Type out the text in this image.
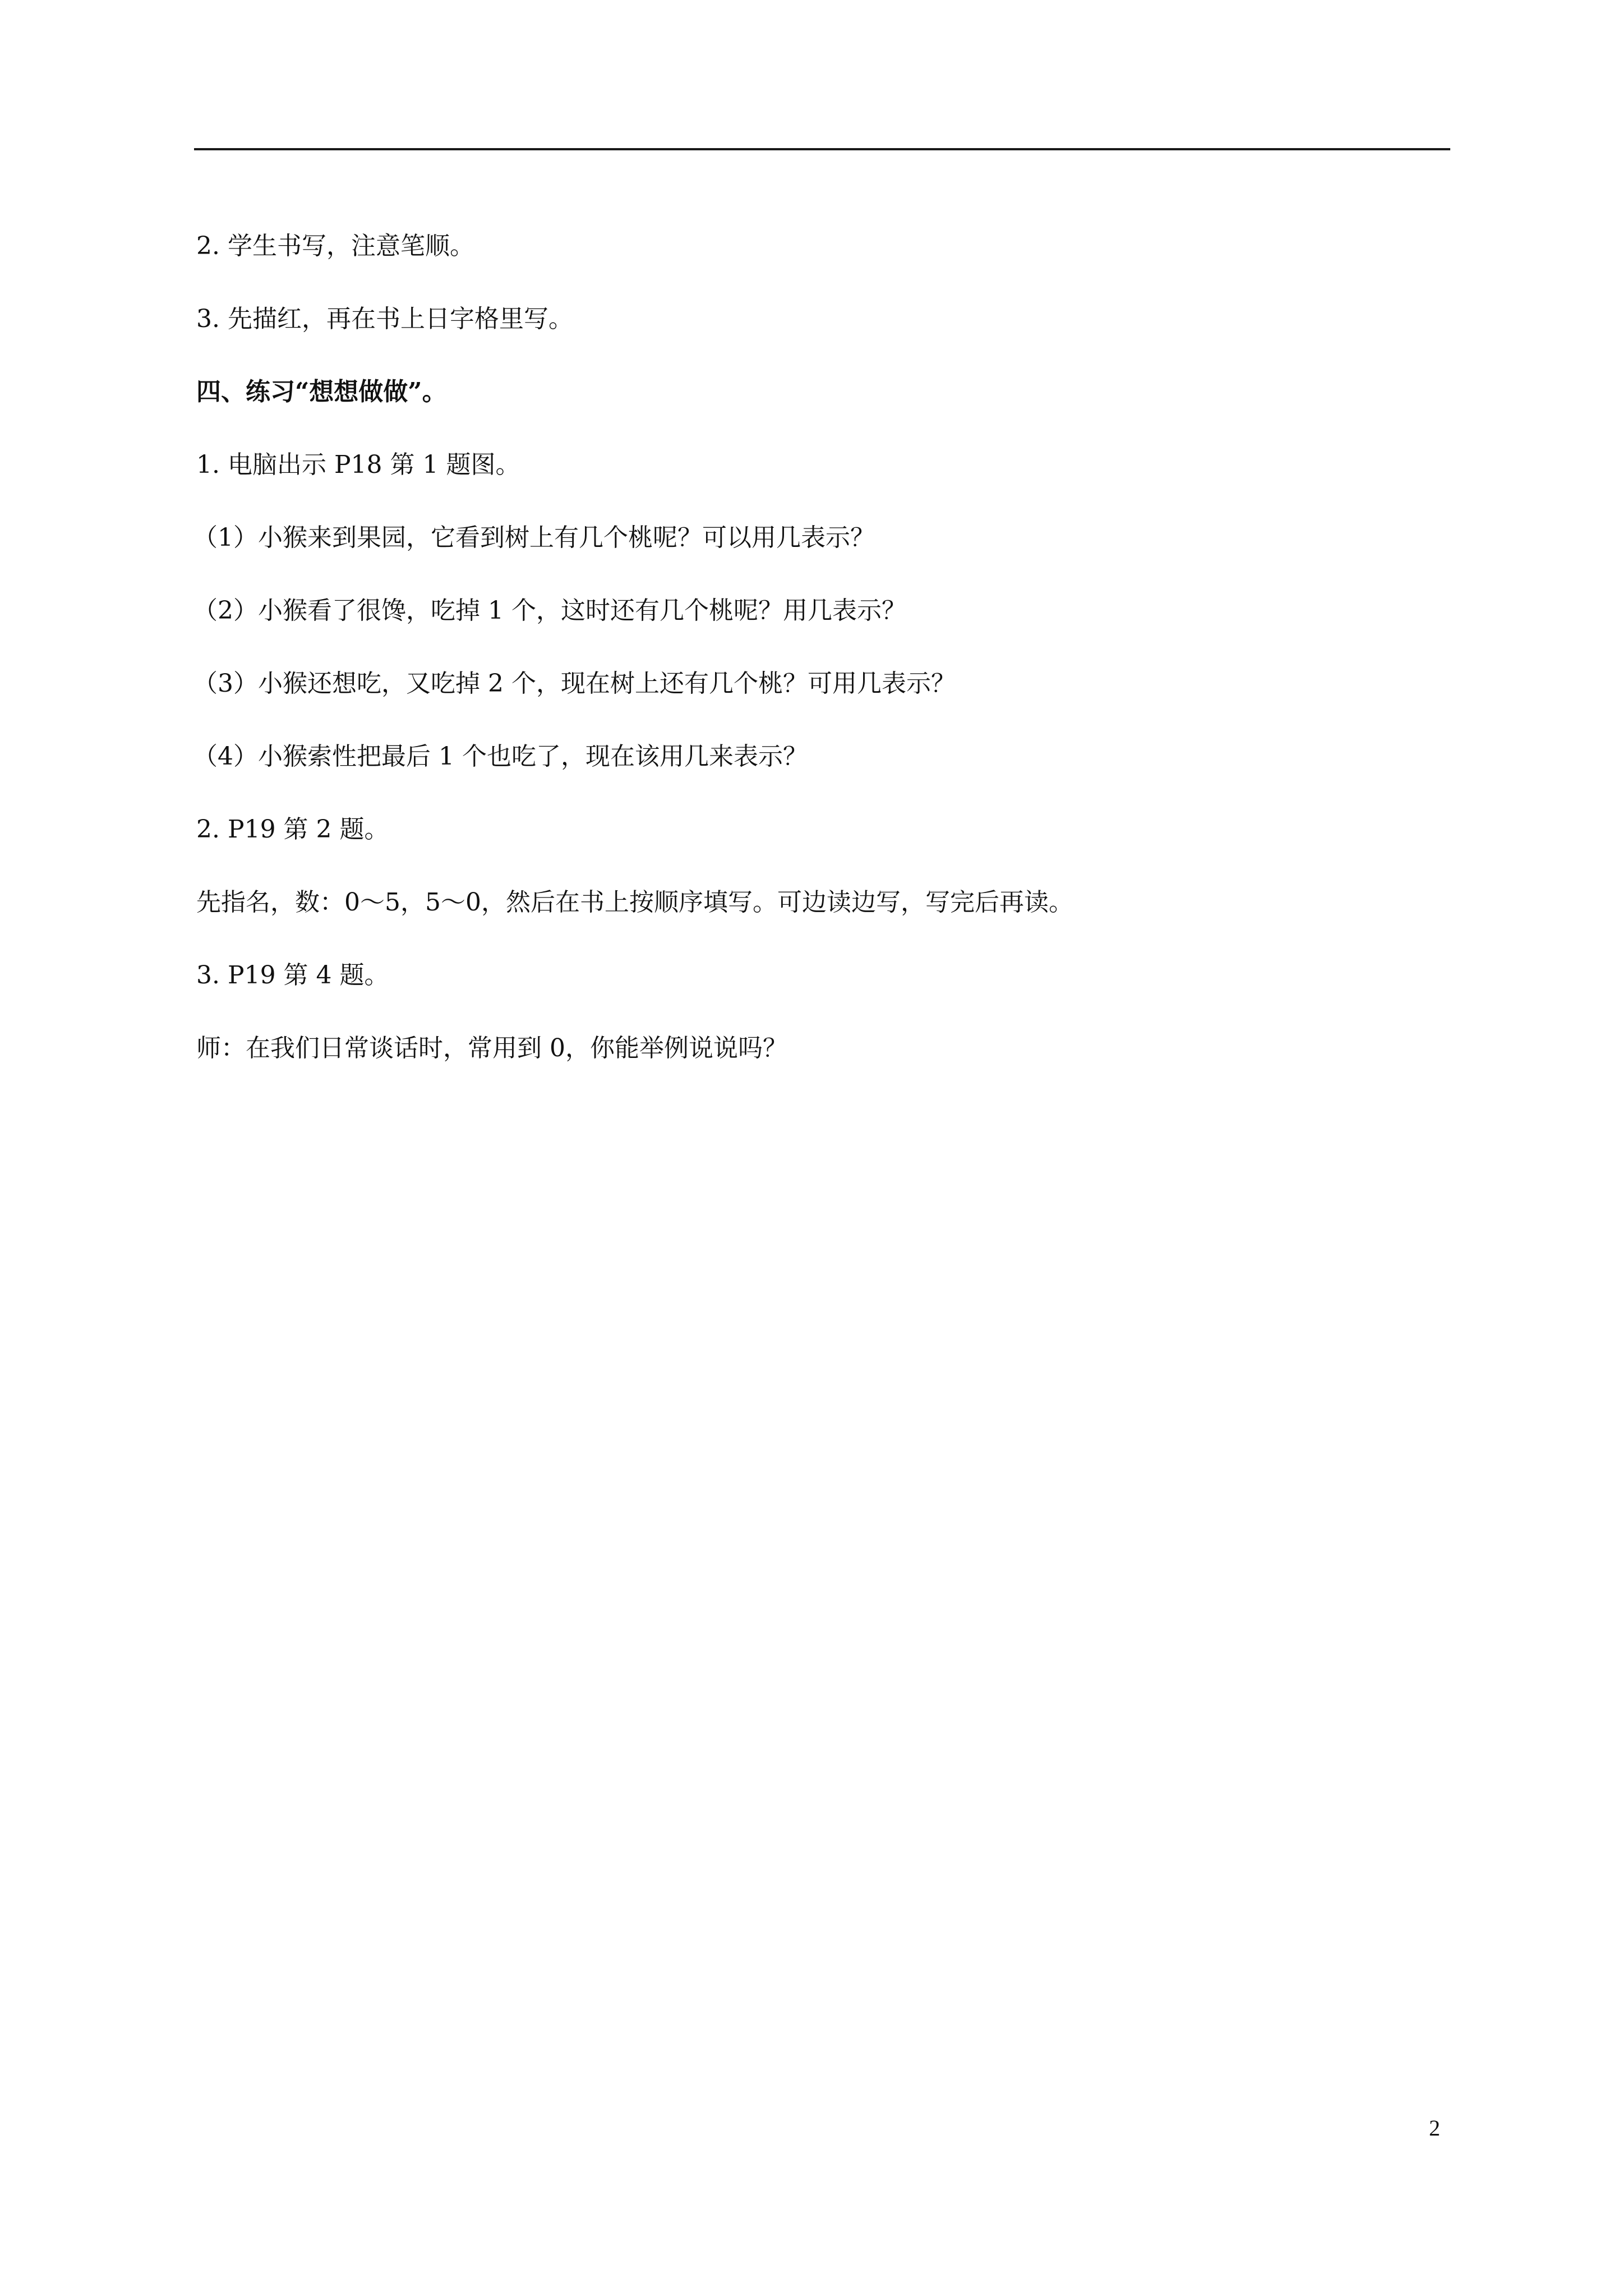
2. 学生书写，注意笔顺。
3. 先描红，再在书上日字格里写。
四、练习“想想做做”。
1. 电脑出示 P18 第 1 题图。
（1）小猴来到果园，它看到树上有几个桃呢？可以用几表示？
（2）小猴看了很馋，吃掉 1 个，这时还有几个桃呢？用几表示？
（3）小猴还想吃，又吃掉 2 个，现在树上还有几个桃？可用几表示？
（4）小猴索性把最后 1 个也吃了，现在该用几来表示？
2. P19 第 2 题。
先指名，数：0～5，5～0，然后在书上按顺序填写。可边读边写，写完后再读。
3. P19 第 4 题。
师：在我们日常谈话时，常用到 0，你能举例说说吗？
2
